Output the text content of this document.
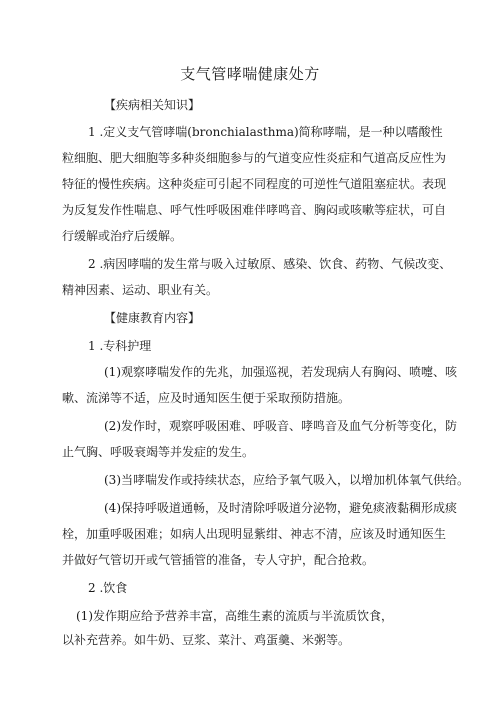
支气管哮喘健康处方
【疾病相关知识】
1 .定义支气管哮喘(bronchialasthma)简称哮喘，是一种以嗜酸性
粒细胞、肥大细胞等多种炎细胞参与的气道变应性炎症和气道高反应性为
特征的慢性疾病。这种炎症可引起不同程度的可逆性气道阻塞症状。表现
为反复发作性喘息、呼气性呼吸困难伴哮鸣音、胸闷或咳嗽等症状，可自
行缓解或治疗后缓解。
2 .病因哮喘的发生常与吸入过敏原、感染、饮食、药物、气候改变、
精神因素、运动、职业有关。
【健康教育内容】
1 .专科护理
(1)观察哮喘发作的先兆，加强巡视，若发现病人有胸闷、喷嚏、咳
嗽、流涕等不适，应及时通知医生便于采取预防措施。
(2)发作时，观察呼吸困难、呼吸音、哮鸣音及血气分析等变化，防
止气胸、呼吸衰竭等并发症的发生。
(3)当哮喘发作或持续状态，应给予氧气吸入，以增加机体氧气供给。
(4)保持呼吸道通畅，及时清除呼吸道分泌物，避免痰液黏稠形成痰
栓，加重呼吸困难；如病人出现明显紫绀、神志不清，应该及时通知医生
并做好气管切开或气管插管的准备，专人守护，配合抢救。
2 .饮食
(1)发作期应给予营养丰富，高维生素的流质与半流质饮食，
以补充营养。如牛奶、豆浆、菜汁、鸡蛋羹、米粥等。
